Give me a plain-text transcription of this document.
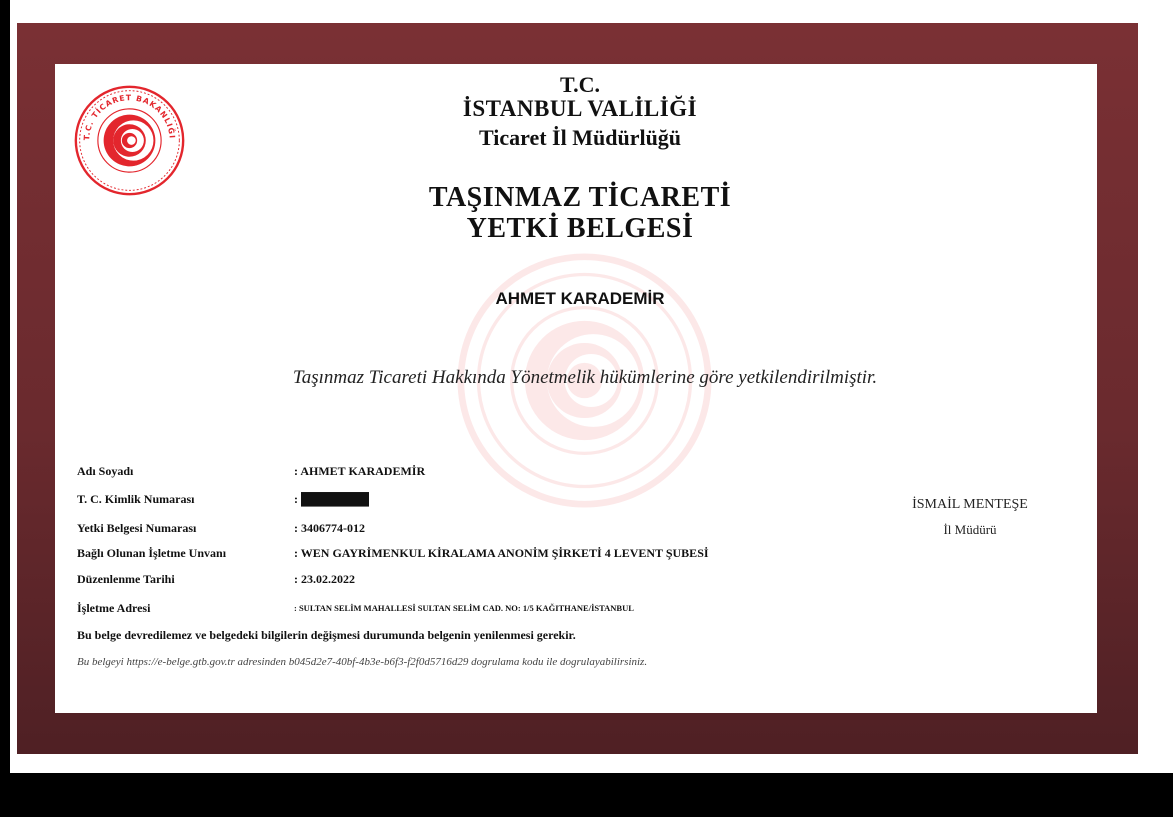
T.C. TİCARET BAKANLIĞI
T.C.
İSTANBUL VALİLİĞİ
Ticaret İl Müdürlüğü
TAŞINMAZ TİCARETİ
YETKİ BELGESİ
AHMET KARADEMİR
Taşınmaz Ticareti Hakkında Yönetmelik hükümlerine göre yetkilendirilmiştir.
Adı Soyadı	: AHMET KARADEMİR
T. C. Kimlik Numarası	: ████████
Yetki Belgesi Numarası	: 3406774-012
Bağlı Olunan İşletme Unvanı	: WEN GAYRİMENKUL KİRALAMA ANONİM ŞİRKETİ 4 LEVENT ŞUBESİ
Düzenlenme Tarihi	: 23.02.2022
İşletme Adresi	: SULTAN SELİM MAHALLESİ SULTAN SELİM CAD. NO: 1/5 KAĞITHANE/İSTANBUL
Bu belge devredilemez ve belgedeki bilgilerin değişmesi durumunda belgenin yenilenmesi gerekir.
Bu belgeyi https://e-belge.gtb.gov.tr adresinden b045d2e7-40bf-4b3e-b6f3-f2f0d5716d29 dogrulama kodu ile dogrulayabilirsiniz.
İSMAİL MENTEŞE
İl Müdürü
